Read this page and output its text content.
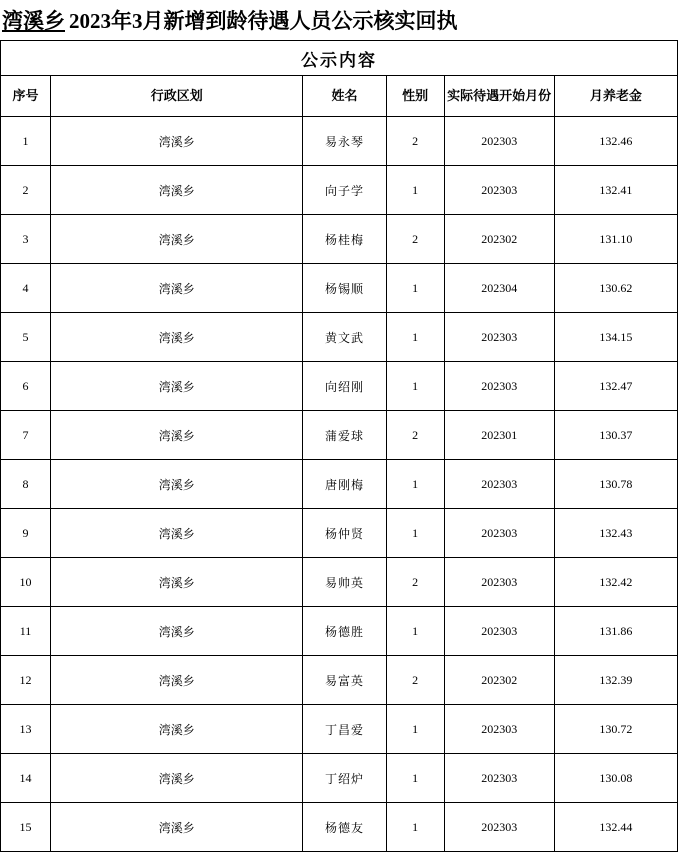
湾溪乡 2023年3月新增到龄待遇人员公示核实回执
公示内容					
序号	行政区划	姓名	性别	实际待遇开始月份	月养老金
1	湾溪乡	易永琴	2	202303	132.46
2	湾溪乡	向子学	1	202303	132.41
3	湾溪乡	杨桂梅	2	202302	131.10
4	湾溪乡	杨锡顺	1	202304	130.62
5	湾溪乡	黄文武	1	202303	134.15
6	湾溪乡	向绍刚	1	202303	132.47
7	湾溪乡	蒲爱球	2	202301	130.37
8	湾溪乡	唐刚梅	1	202303	130.78
9	湾溪乡	杨仲贤	1	202303	132.43
10	湾溪乡	易帅英	2	202303	132.42
11	湾溪乡	杨德胜	1	202303	131.86
12	湾溪乡	易富英	2	202302	132.39
13	湾溪乡	丁昌爱	1	202303	130.72
14	湾溪乡	丁绍炉	1	202303	130.08
15	湾溪乡	杨德友	1	202303	132.44
